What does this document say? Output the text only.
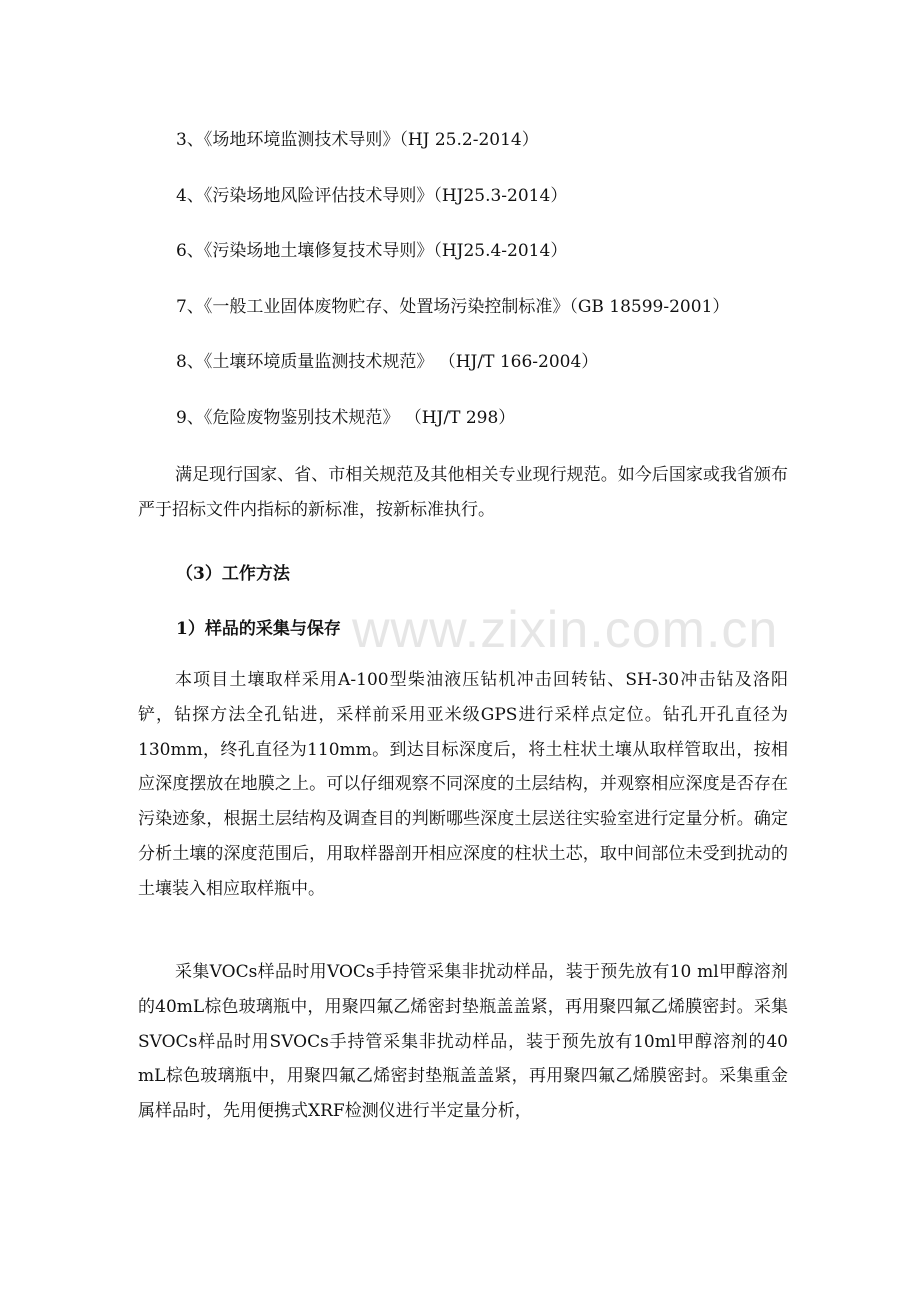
3、《场地环境监测技术导则》（HJ 25.2-2014）
4、《污染场地风险评估技术导则》（HJ25.3-2014）
6、《污染场地土壤修复技术导则》（HJ25.4-2014）
7、《一般工业固体废物贮存、处置场污染控制标准》（GB 18599-2001）
8、《土壤环境质量监测技术规范》 （HJ/T 166-2004）
9、《危险废物鉴别技术规范》 （HJ/T 298）

满足现行国家、省、市相关规范及其他相关专业现行规范。如今后国家或我省颁布严于招标文件内指标的新标准，按新标准执行。

（3）工作方法
1）样品的采集与保存

本项目土壤取样采用A-100型柴油液压钻机冲击回转钻、SH-30冲击钻及洛阳铲，钻探方法全孔钻进，采样前采用亚米级GPS进行采样点定位。钻孔开孔直径为130mm，终孔直径为110mm。到达目标深度后，将土柱状土壤从取样管取出，按相应深度摆放在地膜之上。可以仔细观察不同深度的土层结构，并观察相应深度是否存在污染迹象，根据土层结构及调查目的判断哪些深度土层送往实验室进行定量分析。确定分析土壤的深度范围后，用取样器剖开相应深度的柱状土芯，取中间部位未受到扰动的土壤装入相应取样瓶中。

采集VOCs样品时用VOCs手持管采集非扰动样品，装于预先放有10 ml甲醇溶剂的40mL棕色玻璃瓶中，用聚四氟乙烯密封垫瓶盖盖紧，再用聚四氟乙烯膜密封。采集SVOCs样品时用SVOCs手持管采集非扰动样品，装于预先放有10ml甲醇溶剂的40 mL棕色玻璃瓶中，用聚四氟乙烯密封垫瓶盖盖紧，再用聚四氟乙烯膜密封。采集重金属样品时，先用便携式XRF检测仪进行半定量分析，

www.zixin.com.cn
